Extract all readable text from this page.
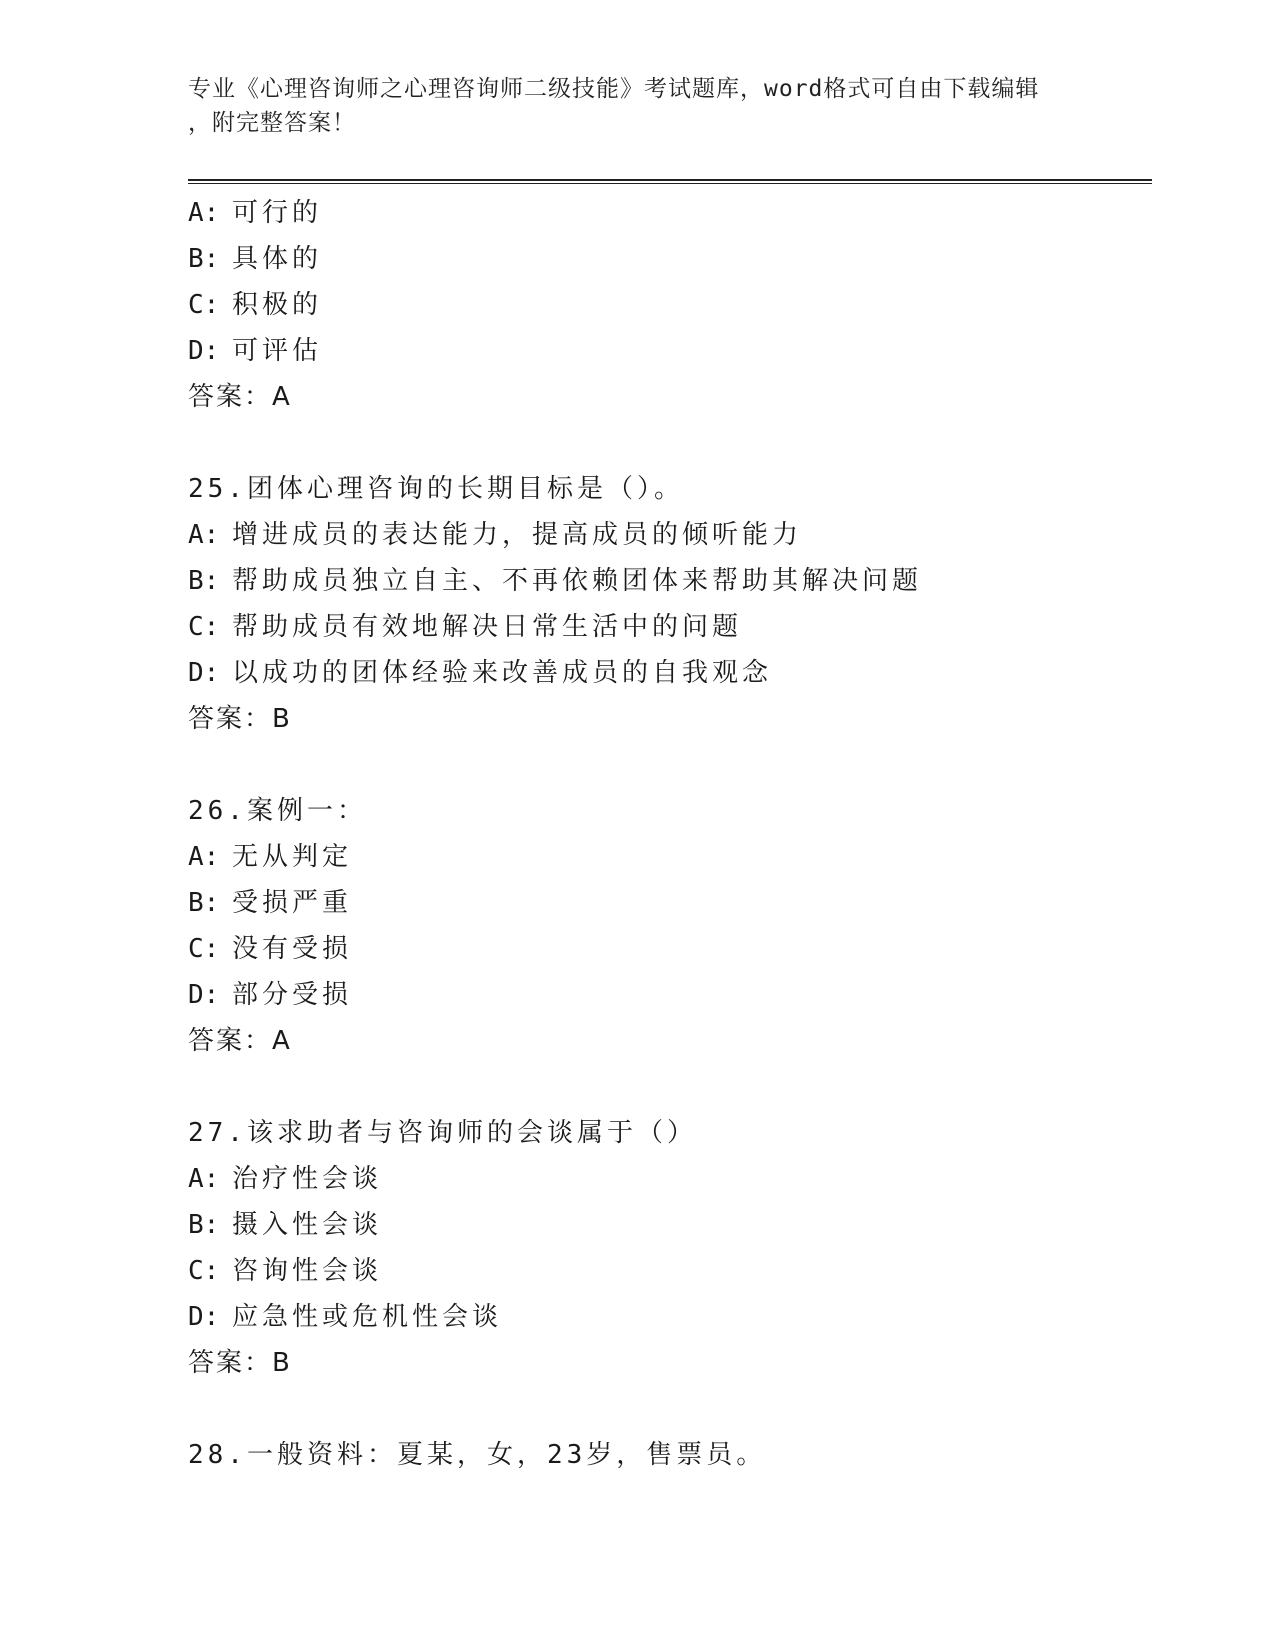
专业《心理咨询师之心理咨询师二级技能》考试题库，word格式可自由下载编辑
，附完整答案！
A: 可行的
B: 具体的
C: 积极的
D: 可评估
答案：A
25.团体心理咨询的长期目标是（）。
A: 增进成员的表达能力，提高成员的倾听能力
B: 帮助成员独立自主、不再依赖团体来帮助其解决问题
C: 帮助成员有效地解决日常生活中的问题
D: 以成功的团体经验来改善成员的自我观念
答案：B
26.案例一：
A: 无从判定
B: 受损严重
C: 没有受损
D: 部分受损
答案：A
27.该求助者与咨询师的会谈属于（）
A: 治疗性会谈
B: 摄入性会谈
C: 咨询性会谈
D: 应急性或危机性会谈
答案：B
28.一般资料：夏某，女，23岁，售票员。
